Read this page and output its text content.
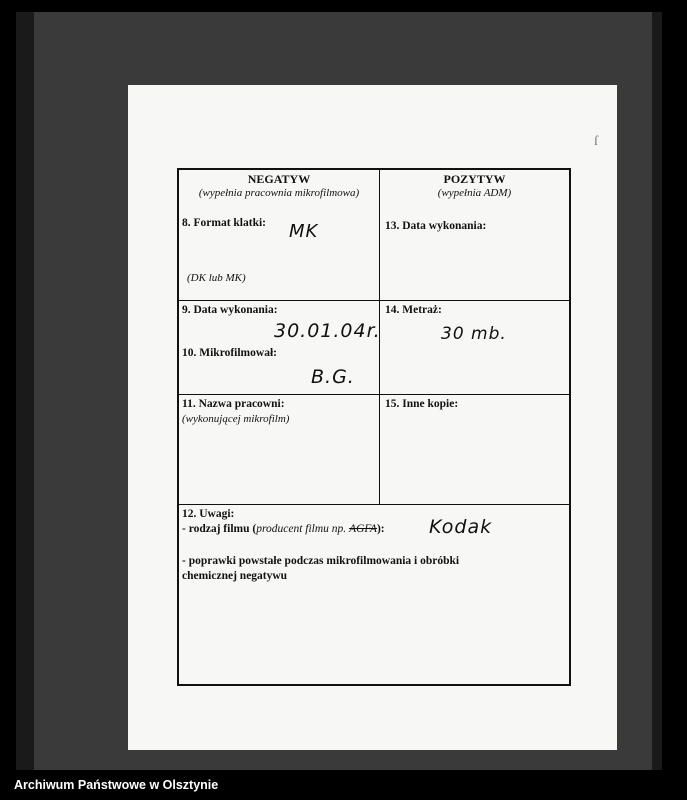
ſ
NEGATYW
(wypełnia pracownia mikrofilmowa)
POZYTYW
(wypełnia ADM)
8. Format klatki: MK
(DK lub MK)
13. Data wykonania:
9. Data wykonania:
30.01.04r.
10. Mikrofilmował:
B.G.
14. Metraż:
30 mb.
11. Nazwa pracowni:
(wykonującej mikrofilm)
15. Inne kopie:
12. Uwagi:
- rodzaj filmu (producent filmu np. AGFA): Kodak
- poprawki powstałe podczas mikrofilmowania i obróbki
chemicznej negatywu
Archiwum Państwowe w Olsztynie
